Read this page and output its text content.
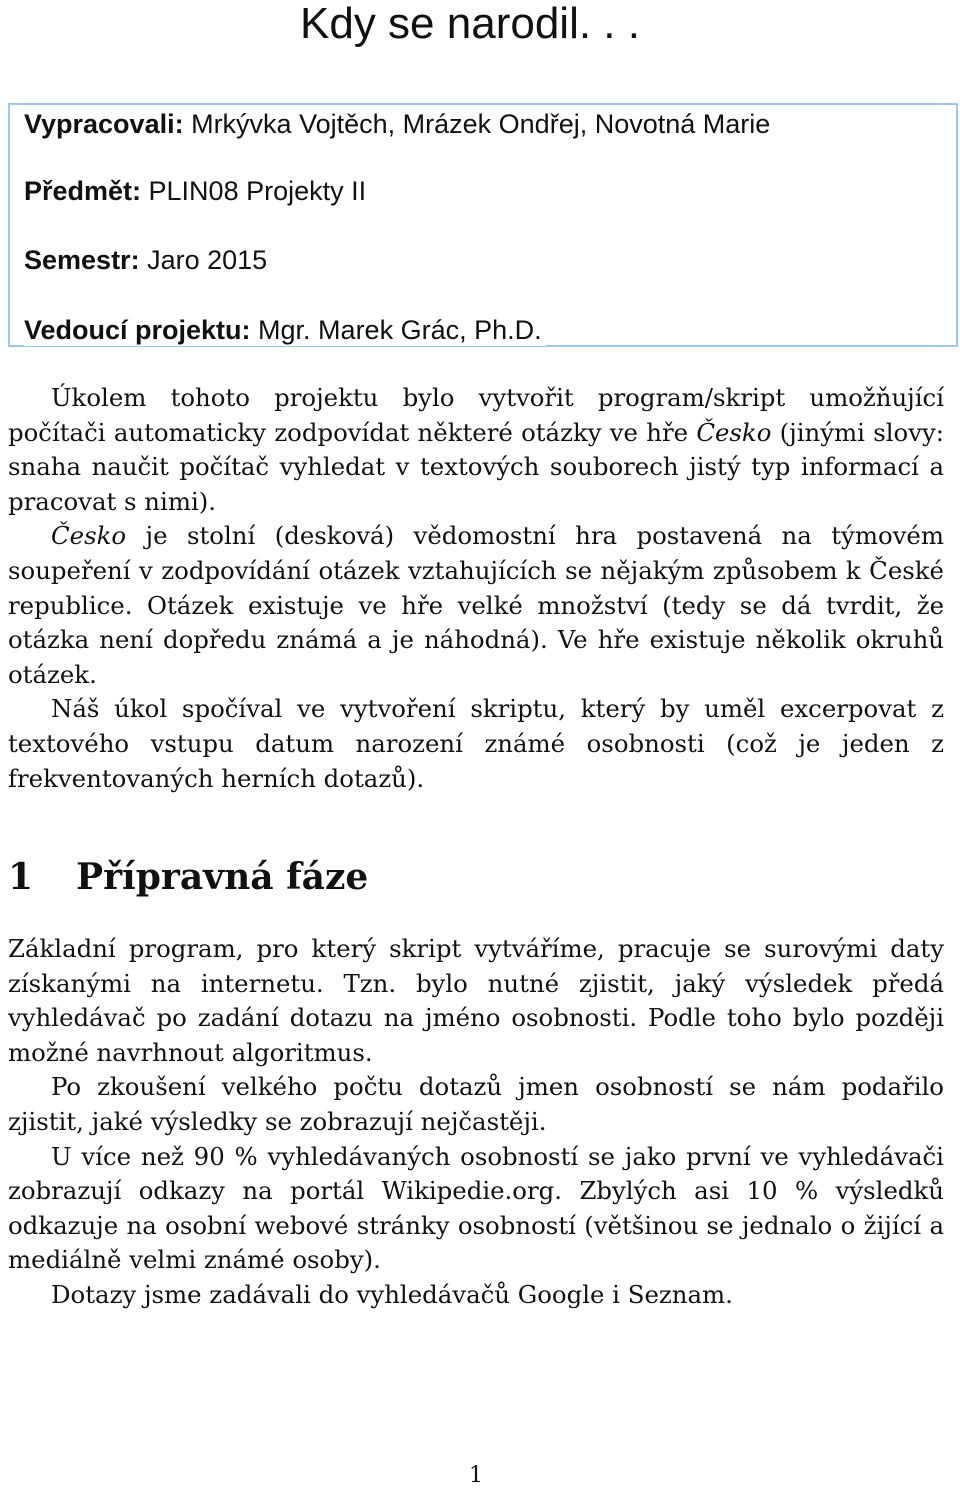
Kdy se narodil. . .
Vypracovali: Mrkývka Vojtěch, Mrázek Ondřej, Novotná Marie
Předmět: PLIN08 Projekty II
Semestr: Jaro 2015
Vedoucí projektu: Mgr. Marek Grác, Ph.D.

Úkolem tohoto projektu bylo vytvořit program/skript umožňující počítači automaticky zodpovídat některé otázky ve hře Česko (jinými slovy: snaha naučit počítač vyhledat v textových souborech jistý typ informací a pracovat s nimi).

Česko je stolní (desková) vědomostní hra postavená na týmovém soupeření v zodpovídání otázek vztahujících se nějakým způsobem k České republice. Otázek existuje ve hře velké množství (tedy se dá tvrdit, že otázka není dopředu známá a je náhodná). Ve hře existuje několik okruhů otázek.

Náš úkol spočíval ve vytvoření skriptu, který by uměl excerpovat z textového vstupu datum narození známé osobnosti (což je jeden z frekventovaných herních dotazů).

1 Přípravná fáze

Základní program, pro který skript vytváříme, pracuje se surovými daty získanými na internetu. Tzn. bylo nutné zjistit, jaký výsledek předá vyhledávač po zadání dotazu na jméno osobnosti. Podle toho bylo později možné navrhnout algoritmus.

Po zkoušení velkého počtu dotazů jmen osobností se nám podařilo zjistit, jaké výsledky se zobrazují nejčastěji.

U více než 90 % vyhledávaných osobností se jako první ve vyhledávači zobrazují odkazy na portál Wikipedie.org. Zbylých asi 10 % výsledků odkazuje na osobní webové stránky osobností (většinou se jednalo o žijící a mediálně velmi známé osoby).

Dotazy jsme zadávali do vyhledávačů Google i Seznam.

1
